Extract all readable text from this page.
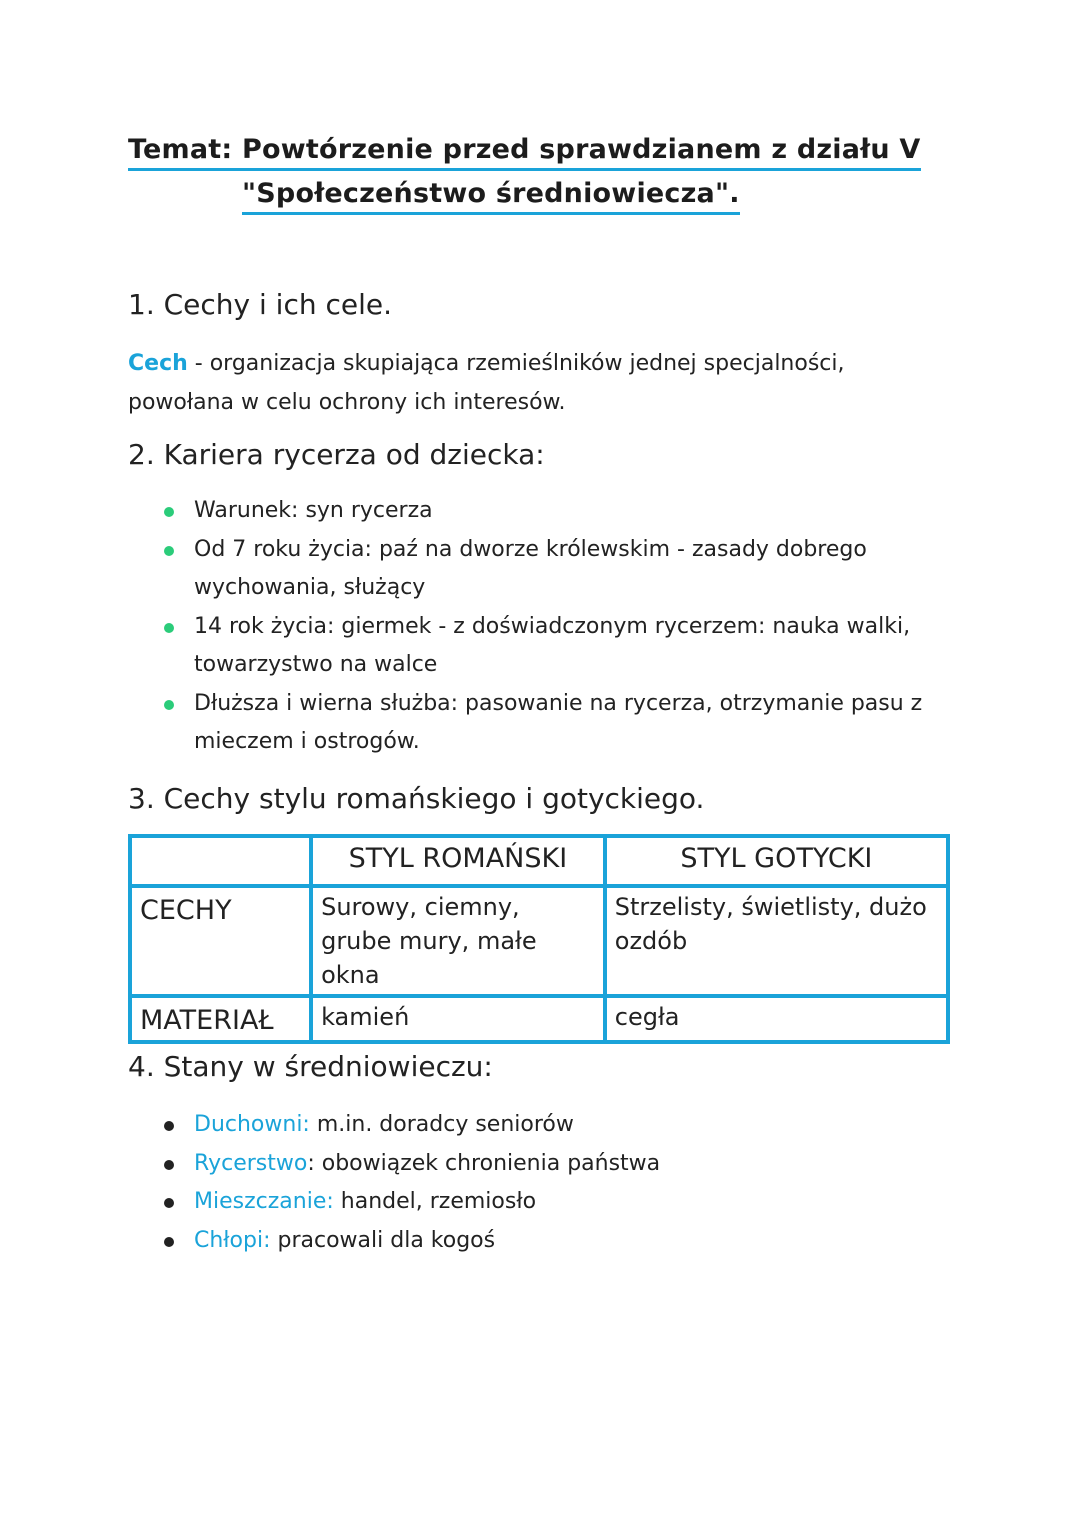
Temat: Powtórzenie przed sprawdzianem z działu V
"Społeczeństwo średniowiecza".
1. Cechy i ich cele.
Cech - organizacja skupiająca rzemieślników jednej specjalności, powołana w celu ochrony ich interesów.
2. Kariera rycerza od dziecka:
Warunek: syn rycerza
Od 7 roku życia: paź na dworze królewskim - zasady dobrego wychowania, służący
14 rok życia: giermek - z doświadczonym rycerzem: nauka walki, towarzystwo na walce
Dłuższa i wierna służba: pasowanie na rycerza, otrzymanie pasu z mieczem i ostrogów.
3. Cechy stylu romańskiego i gotyckiego.
	STYL ROMAŃSKI	STYL GOTYCKI
CECHY	Surowy, ciemny, grube mury, małe okna	Strzelisty, świetlisty, dużo ozdób
MATERIAŁ	kamień	cegła
4. Stany w średniowieczu:
Duchowni: m.in. doradcy seniorów
Rycerstwo: obowiązek chronienia państwa
Mieszczanie: handel, rzemiosło
Chłopi: pracowali dla kogoś
